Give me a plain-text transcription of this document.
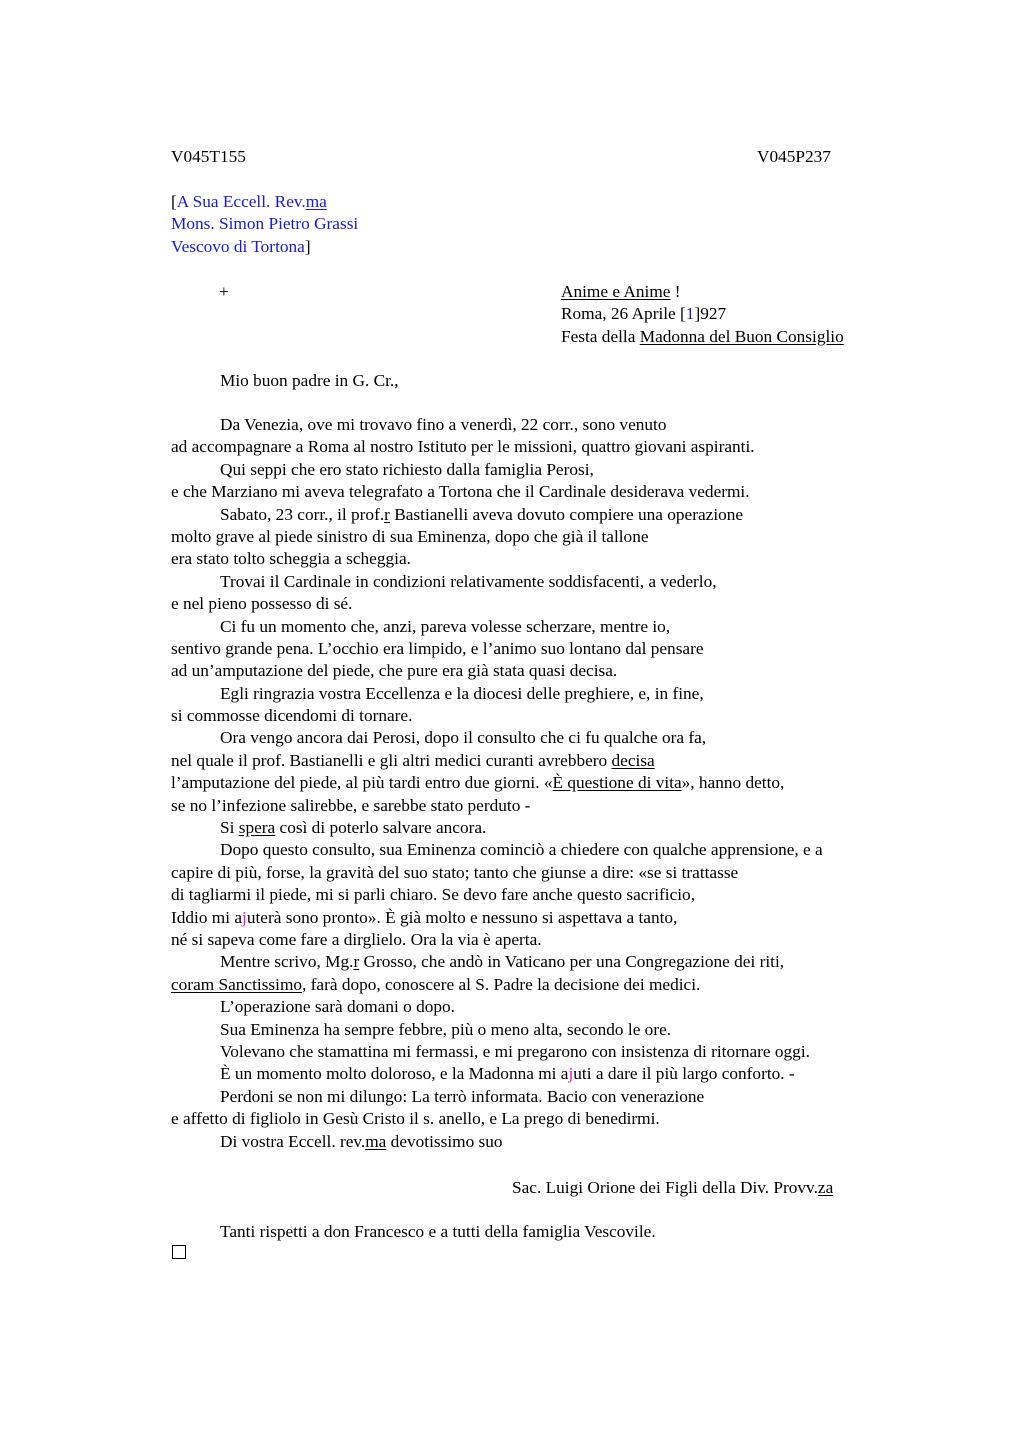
V045T155	V045P237
[A Sua Eccell. Rev.ma
Mons. Simon Pietro Grassi
Vescovo di Tortona]
+	Anime e Anime !
Roma, 26 Aprile [1]927
Festa della Madonna del Buon Consiglio
Mio buon padre in G. Cr.,
Da Venezia, ove mi trovavo fino a venerdì, 22 corr., sono venuto
ad accompagnare a Roma al nostro Istituto per le missioni, quattro giovani aspiranti.
Qui seppi che ero stato richiesto dalla famiglia Perosi,
e che Marziano mi aveva telegrafato a Tortona che il Cardinale desiderava vedermi.
Sabato, 23 corr., il prof.r Bastianelli aveva dovuto compiere una operazione
molto grave al piede sinistro di sua Eminenza, dopo che già il tallone
era stato tolto scheggia a scheggia.
Trovai il Cardinale in condizioni relativamente soddisfacenti, a vederlo,
e nel pieno possesso di sé.
Ci fu un momento che, anzi, pareva volesse scherzare, mentre io,
sentivo grande pena. L’occhio era limpido, e l’animo suo lontano dal pensare
ad un’amputazione del piede, che pure era già stata quasi decisa.
Egli ringrazia vostra Eccellenza e la diocesi delle preghiere, e, in fine,
si commosse dicendomi di tornare.
Ora vengo ancora dai Perosi, dopo il consulto che ci fu qualche ora fa,
nel quale il prof. Bastianelli e gli altri medici curanti avrebbero decisa
l’amputazione del piede, al più tardi entro due giorni. «È questione di vita», hanno detto,
se no l’infezione salirebbe, e sarebbe stato perduto -
Si spera così di poterlo salvare ancora.
Dopo questo consulto, sua Eminenza cominciò a chiedere con qualche apprensione, e a
capire di più, forse, la gravità del suo stato; tanto che giunse a dire: «se si trattasse
di tagliarmi il piede, mi si parli chiaro. Se devo fare anche questo sacrificio,
Iddio mi ajuterà sono pronto». È già molto e nessuno si aspettava a tanto,
né si sapeva come fare a dirglielo. Ora la via è aperta.
Mentre scrivo, Mg.r Grosso, che andò in Vaticano per una Congregazione dei riti,
coram Sanctissimo, farà dopo, conoscere al S. Padre la decisione dei medici.
L’operazione sarà domani o dopo.
Sua Eminenza ha sempre febbre, più o meno alta, secondo le ore.
Volevano che stamattina mi fermassi, e mi pregarono con insistenza di ritornare oggi.
È un momento molto doloroso, e la Madonna mi ajuti a dare il più largo conforto. -
Perdoni se non mi dilungo: La terrò informata. Bacio con venerazione
e affetto di figliolo in Gesù Cristo il s. anello, e La prego di benedirmi.
Di vostra Eccell. rev.ma devotissimo suo
Sac. Luigi Orione dei Figli della Div. Provv.za
Tanti rispetti a don Francesco e a tutti della famiglia Vescovile.
